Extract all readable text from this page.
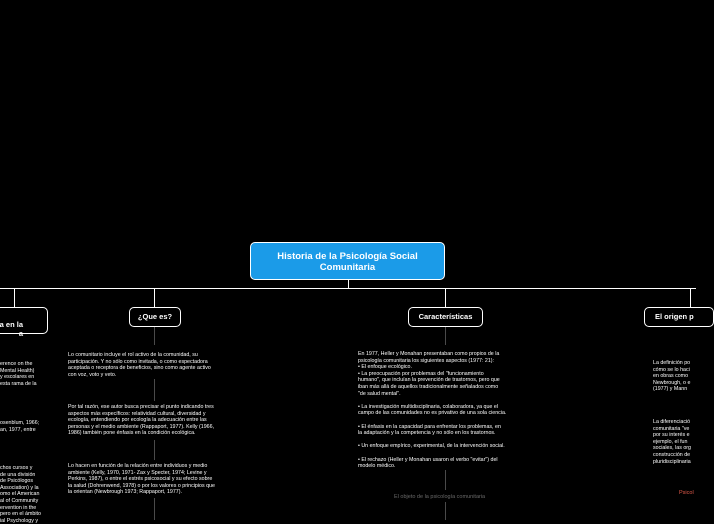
Historia de la Psicología Social
Comunitaria

a en la
a

erence on the
Mental Health)
y escolares en
esta rama de la
osenblum, 1966;
an, 1977, entre
chos cursos y
de una división
de Psicólogos
Association) y la
omo el American
al of Community
ervention in the
pero en el ámbito
ial Psychology y
¿Que es?
Lo comunitario incluye el rol activo de la comunidad, su
participación. Y no sólo como invitada, o como espectadora
aceptada o receptora de beneficios, sino como agente activo
con voz, voto y veto.
Por tal razón, ese autor busca precisar el punto indicando tres
aspectos más específicos: relatividad cultural, diversidad y
ecología, entendiendo por ecología la adecuación entre las
personas y el medio ambiente (Rappaport, 1977). Kelly (1966,
1986) también pone énfasis en la condición ecológica.
Lo hacen en función de la relación entre individuos y medio
ambiente (Kelly, 1970, 1971- Zax y Specter, 1974; Levine y
Perkins, 1987), o entre el estrés psicosocial y su efecto sobre
la salud (Dohrenwend, 1978) o por los valores o principios que
la orientan (Newbrough 1973; Rappaport, 1977).
Características
En 1977, Heller y Monahan presentaban como propios de la
psicología comunitaria los siguientes aspectos (1977: 21):
• El enfoque ecológico.
• La preocupación por problemas del "funcionamiento
humano", que incluían la prevención de trastornos, pero que
iban más allá de aquellos tradicionalmente señalados como
"de salud mental".

• La investigación multidisciplinaria, colaboradora, ya que el
campo de las comunidades no es privativo de una sola ciencia.

• El énfasis en la capacidad para enfrentar los problemas, en
la adaptación y la competencia y no sólo en los trastornos.

• Un enfoque empírico, experimental, de la intervención social.

• El rechazo (Heller y Monahan usaron el verbo "evitar") del
modelo médico.
El objeto de la psicología comunitaria
El origen p
La definición po
cómo se lo haci
en obras como
Newbrough, o e
(1977) y Mann
La diferenciació
comunitaria "ve
por su interés e
ejemplo, el fun
sociales, las org
construcción de
pluridisciplinaria
Psicol
